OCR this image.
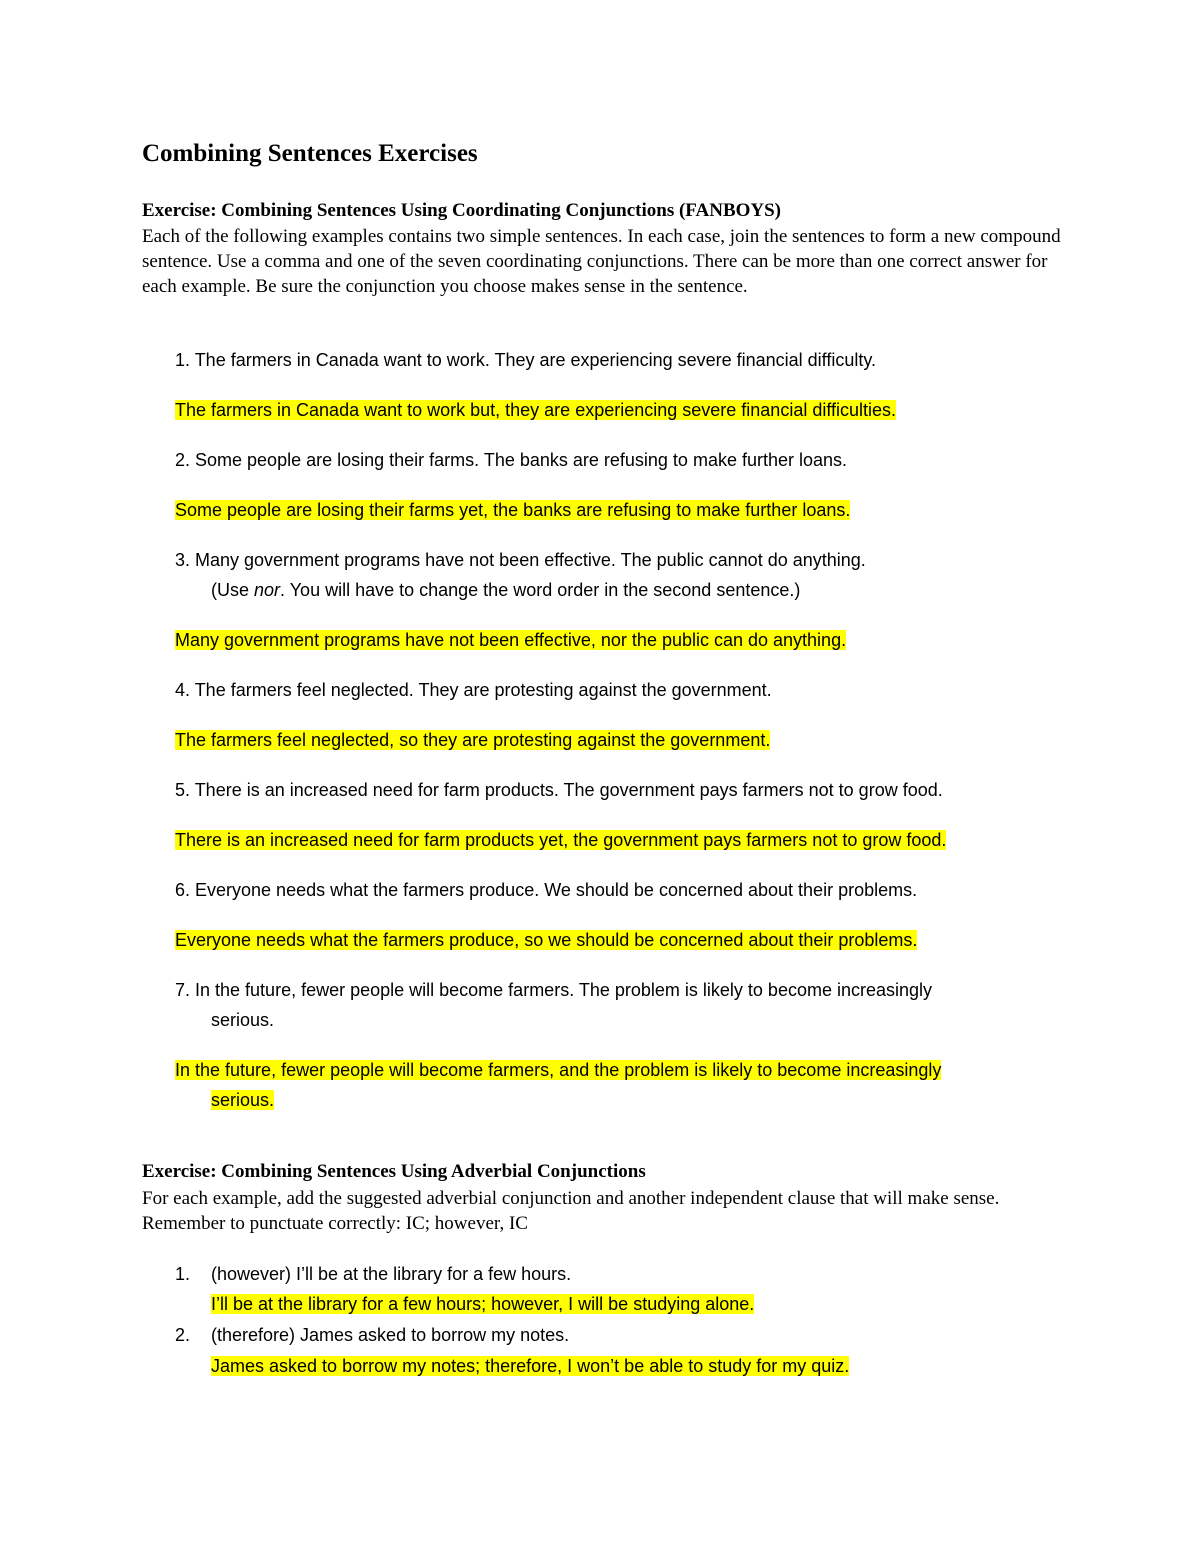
Combining Sentences Exercises
Exercise: Combining Sentences Using Coordinating Conjunctions (FANBOYS)

Each of the following examples contains two simple sentences. In each case, join the sentences to form a new compound sentence. Use a comma and one of the seven coordinating conjunctions. There can be more than one correct answer for each example. Be sure the conjunction you choose makes sense in the sentence.

1. The farmers in Canada want to work. They are experiencing severe financial difficulty.
The farmers in Canada want to work but, they are experiencing severe financial difficulties.
2. Some people are losing their farms. The banks are refusing to make further loans.
Some people are losing their farms yet, the banks are refusing to make further loans.
3. Many government programs have not been effective. The public cannot do anything.
(Use nor. You will have to change the word order in the second sentence.)
Many government programs have not been effective, nor the public can do anything.
4. The farmers feel neglected. They are protesting against the government.
The farmers feel neglected, so they are protesting against the government.
5. There is an increased need for farm products. The government pays farmers not to grow food.
There is an increased need for farm products yet, the government pays farmers not to grow food.
6. Everyone needs what the farmers produce. We should be concerned about their problems.
Everyone needs what the farmers produce, so we should be concerned about their problems.
7. In the future, fewer people will become farmers. The problem is likely to become increasingly
serious.
In the future, fewer people will become farmers, and the problem is likely to become increasingly
serious.
Exercise: Combining Sentences Using Adverbial Conjunctions

For each example, add the suggested adverbial conjunction and another independent clause that will make sense. Remember to punctuate correctly: IC; however, IC

1. (however) I’ll be at the library for a few hours.
I’ll be at the library for a few hours; however, I will be studying alone.
2. (therefore) James asked to borrow my notes.
James asked to borrow my notes; therefore, I won’t be able to study for my quiz.
